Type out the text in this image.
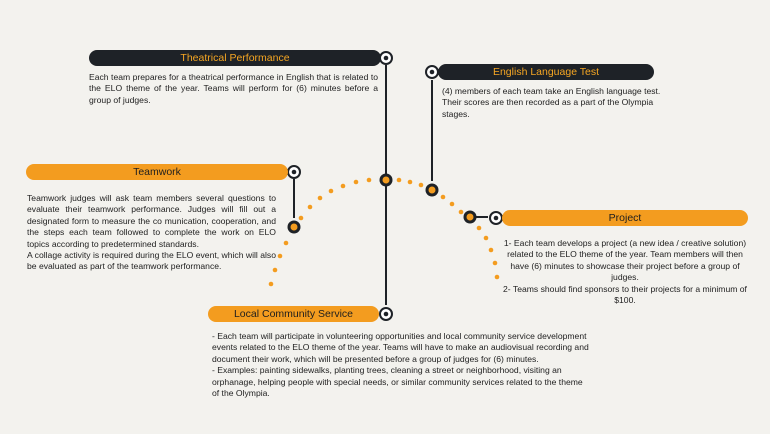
Theatrical Performance

Each team prepares for a theatrical performance in English that is related to the ELO theme of the year. Teams will perform for (6) minutes before a group of judges.

English Language Test

(4) members of each team take an English language test. Their scores are then recorded as a part of the Olympia stages.

Teamwork

Teamwork judges will ask team members several questions to evaluate their teamwork performance. Judges will fill out a designated form to measure the co munication, cooperation, and the steps each team followed to complete the work on ELO topics according to predetermined standards.

A collage activity is required during the ELO event, which will also be evaluated as part of the teamwork performance.

Project

1- Each team develops a project (a new idea / creative solution) related to the ELO theme of the year. Team members will then have (6) minutes to showcase their project before a group of judges.

2- Teams should find sponsors to their projects for a minimum of $100.

Local Community Service

- Each team will participate in volunteering opportunities and local community service development events related to the ELO theme of the year. Teams will have to make an audiovisual recording and document their work, which will be presented before a group of judges for (6) minutes.

- Examples: painting sidewalks, planting trees, cleaning a street or neighborhood, visiting an orphanage, helping people with special needs, or similar community services related to the theme of the Olympia.
